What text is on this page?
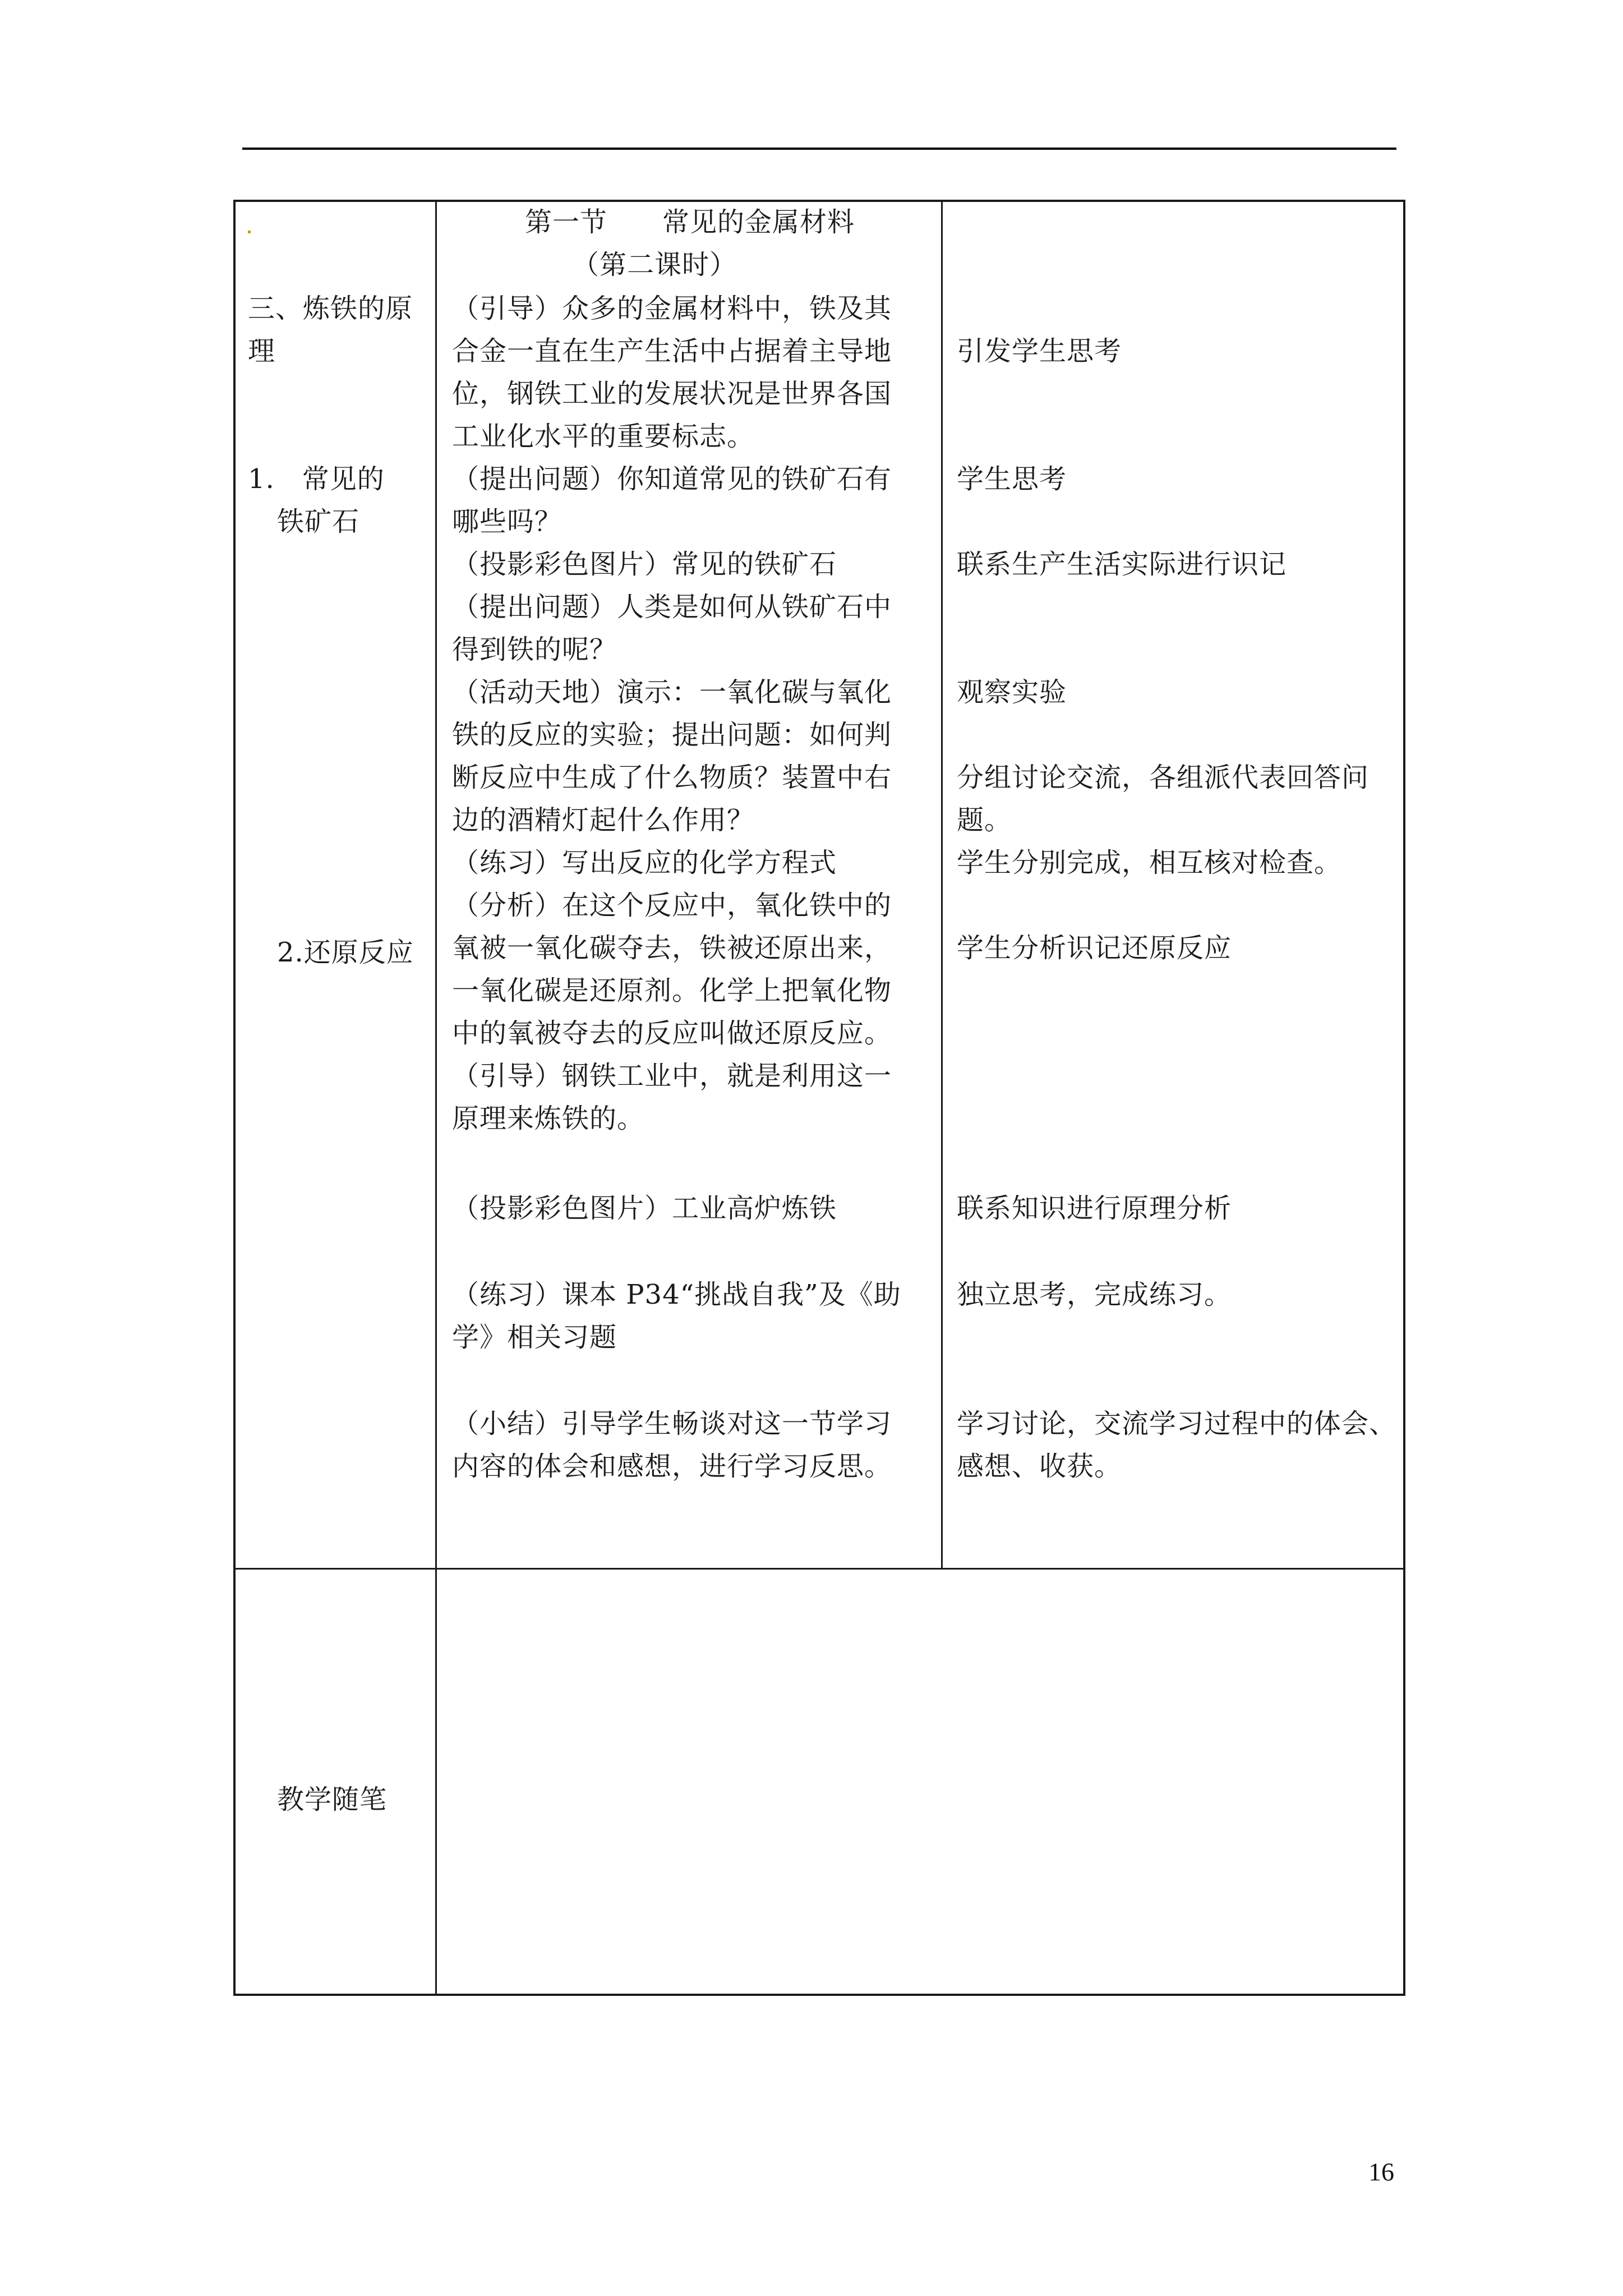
第一节　　常见的金属材料
（第二课时）
三、炼铁的原
理
1.　常见的
铁矿石
2.还原反应
（引导）众多的金属材料中，铁及其
合金一直在生产生活中占据着主导地
位，钢铁工业的发展状况是世界各国
工业化水平的重要标志。
（提出问题）你知道常见的铁矿石有
哪些吗？
（投影彩色图片）常见的铁矿石
（提出问题）人类是如何从铁矿石中
得到铁的呢？
（活动天地）演示：一氧化碳与氧化
铁的反应的实验；提出问题：如何判
断反应中生成了什么物质？装置中右
边的酒精灯起什么作用？
（练习）写出反应的化学方程式
（分析）在这个反应中，氧化铁中的
氧被一氧化碳夺去，铁被还原出来，
一氧化碳是还原剂。化学上把氧化物
中的氧被夺去的反应叫做还原反应。
（引导）钢铁工业中，就是利用这一
原理来炼铁的。
（投影彩色图片）工业高炉炼铁
（练习）课本 P34“挑战自我”及《助
学》相关习题
（小结）引导学生畅谈对这一节学习
内容的体会和感想，进行学习反思。
引发学生思考
学生思考
联系生产生活实际进行识记
观察实验
分组讨论交流，各组派代表回答问
题。
学生分别完成，相互核对检查。
学生分析识记还原反应
联系知识进行原理分析
独立思考，完成练习。
学习讨论，交流学习过程中的体会、
感想、收获。
教学随笔
16
